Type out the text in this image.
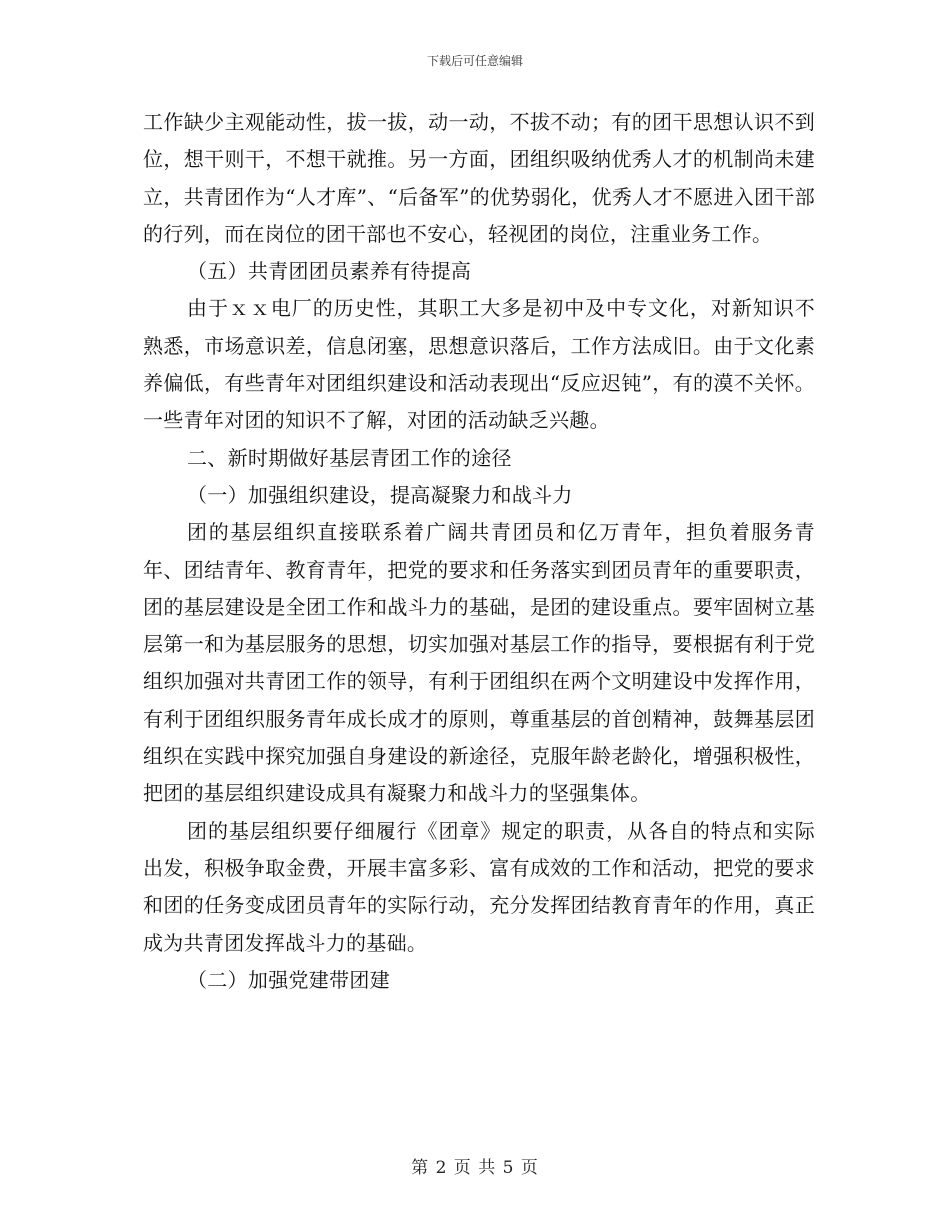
下载后可任意编辑

工作缺少主观能动性，拔一拔，动一动，不拔不动；有的团干思想认识不到位，想干则干，不想干就推。另一方面，团组织吸纳优秀人才的机制尚未建立，共青团作为“人才库”、“后备军”的优势弱化，优秀人才不愿进入团干部的行列，而在岗位的团干部也不安心，轻视团的岗位，注重业务工作。

（五）共青团团员素养有待提高

由于ｘｘ电厂的历史性，其职工大多是初中及中专文化，对新知识不熟悉，市场意识差，信息闭塞，思想意识落后，工作方法成旧。由于文化素养偏低，有些青年对团组织建设和活动表现出“反应迟钝”，有的漠不关怀。一些青年对团的知识不了解，对团的活动缺乏兴趣。

二、新时期做好基层青团工作的途径

（一）加强组织建设，提高凝聚力和战斗力

团的基层组织直接联系着广阔共青团员和亿万青年，担负着服务青年、团结青年、教育青年，把党的要求和任务落实到团员青年的重要职责，团的基层建设是全团工作和战斗力的基础，是团的建设重点。要牢固树立基层第一和为基层服务的思想，切实加强对基层工作的指导，要根据有利于党组织加强对共青团工作的领导，有利于团组织在两个文明建设中发挥作用，有利于团组织服务青年成长成才的原则，尊重基层的首创精神，鼓舞基层团组织在实践中探究加强自身建设的新途径，克服年龄老龄化，增强积极性，把团的基层组织建设成具有凝聚力和战斗力的坚强集体。

团的基层组织要仔细履行《团章》规定的职责，从各自的特点和实际出发，积极争取金费，开展丰富多彩、富有成效的工作和活动，把党的要求和团的任务变成团员青年的实际行动，充分发挥团结教育青年的作用，真正成为共青团发挥战斗力的基础。

（二）加强党建带团建

第 2 页 共 5 页
